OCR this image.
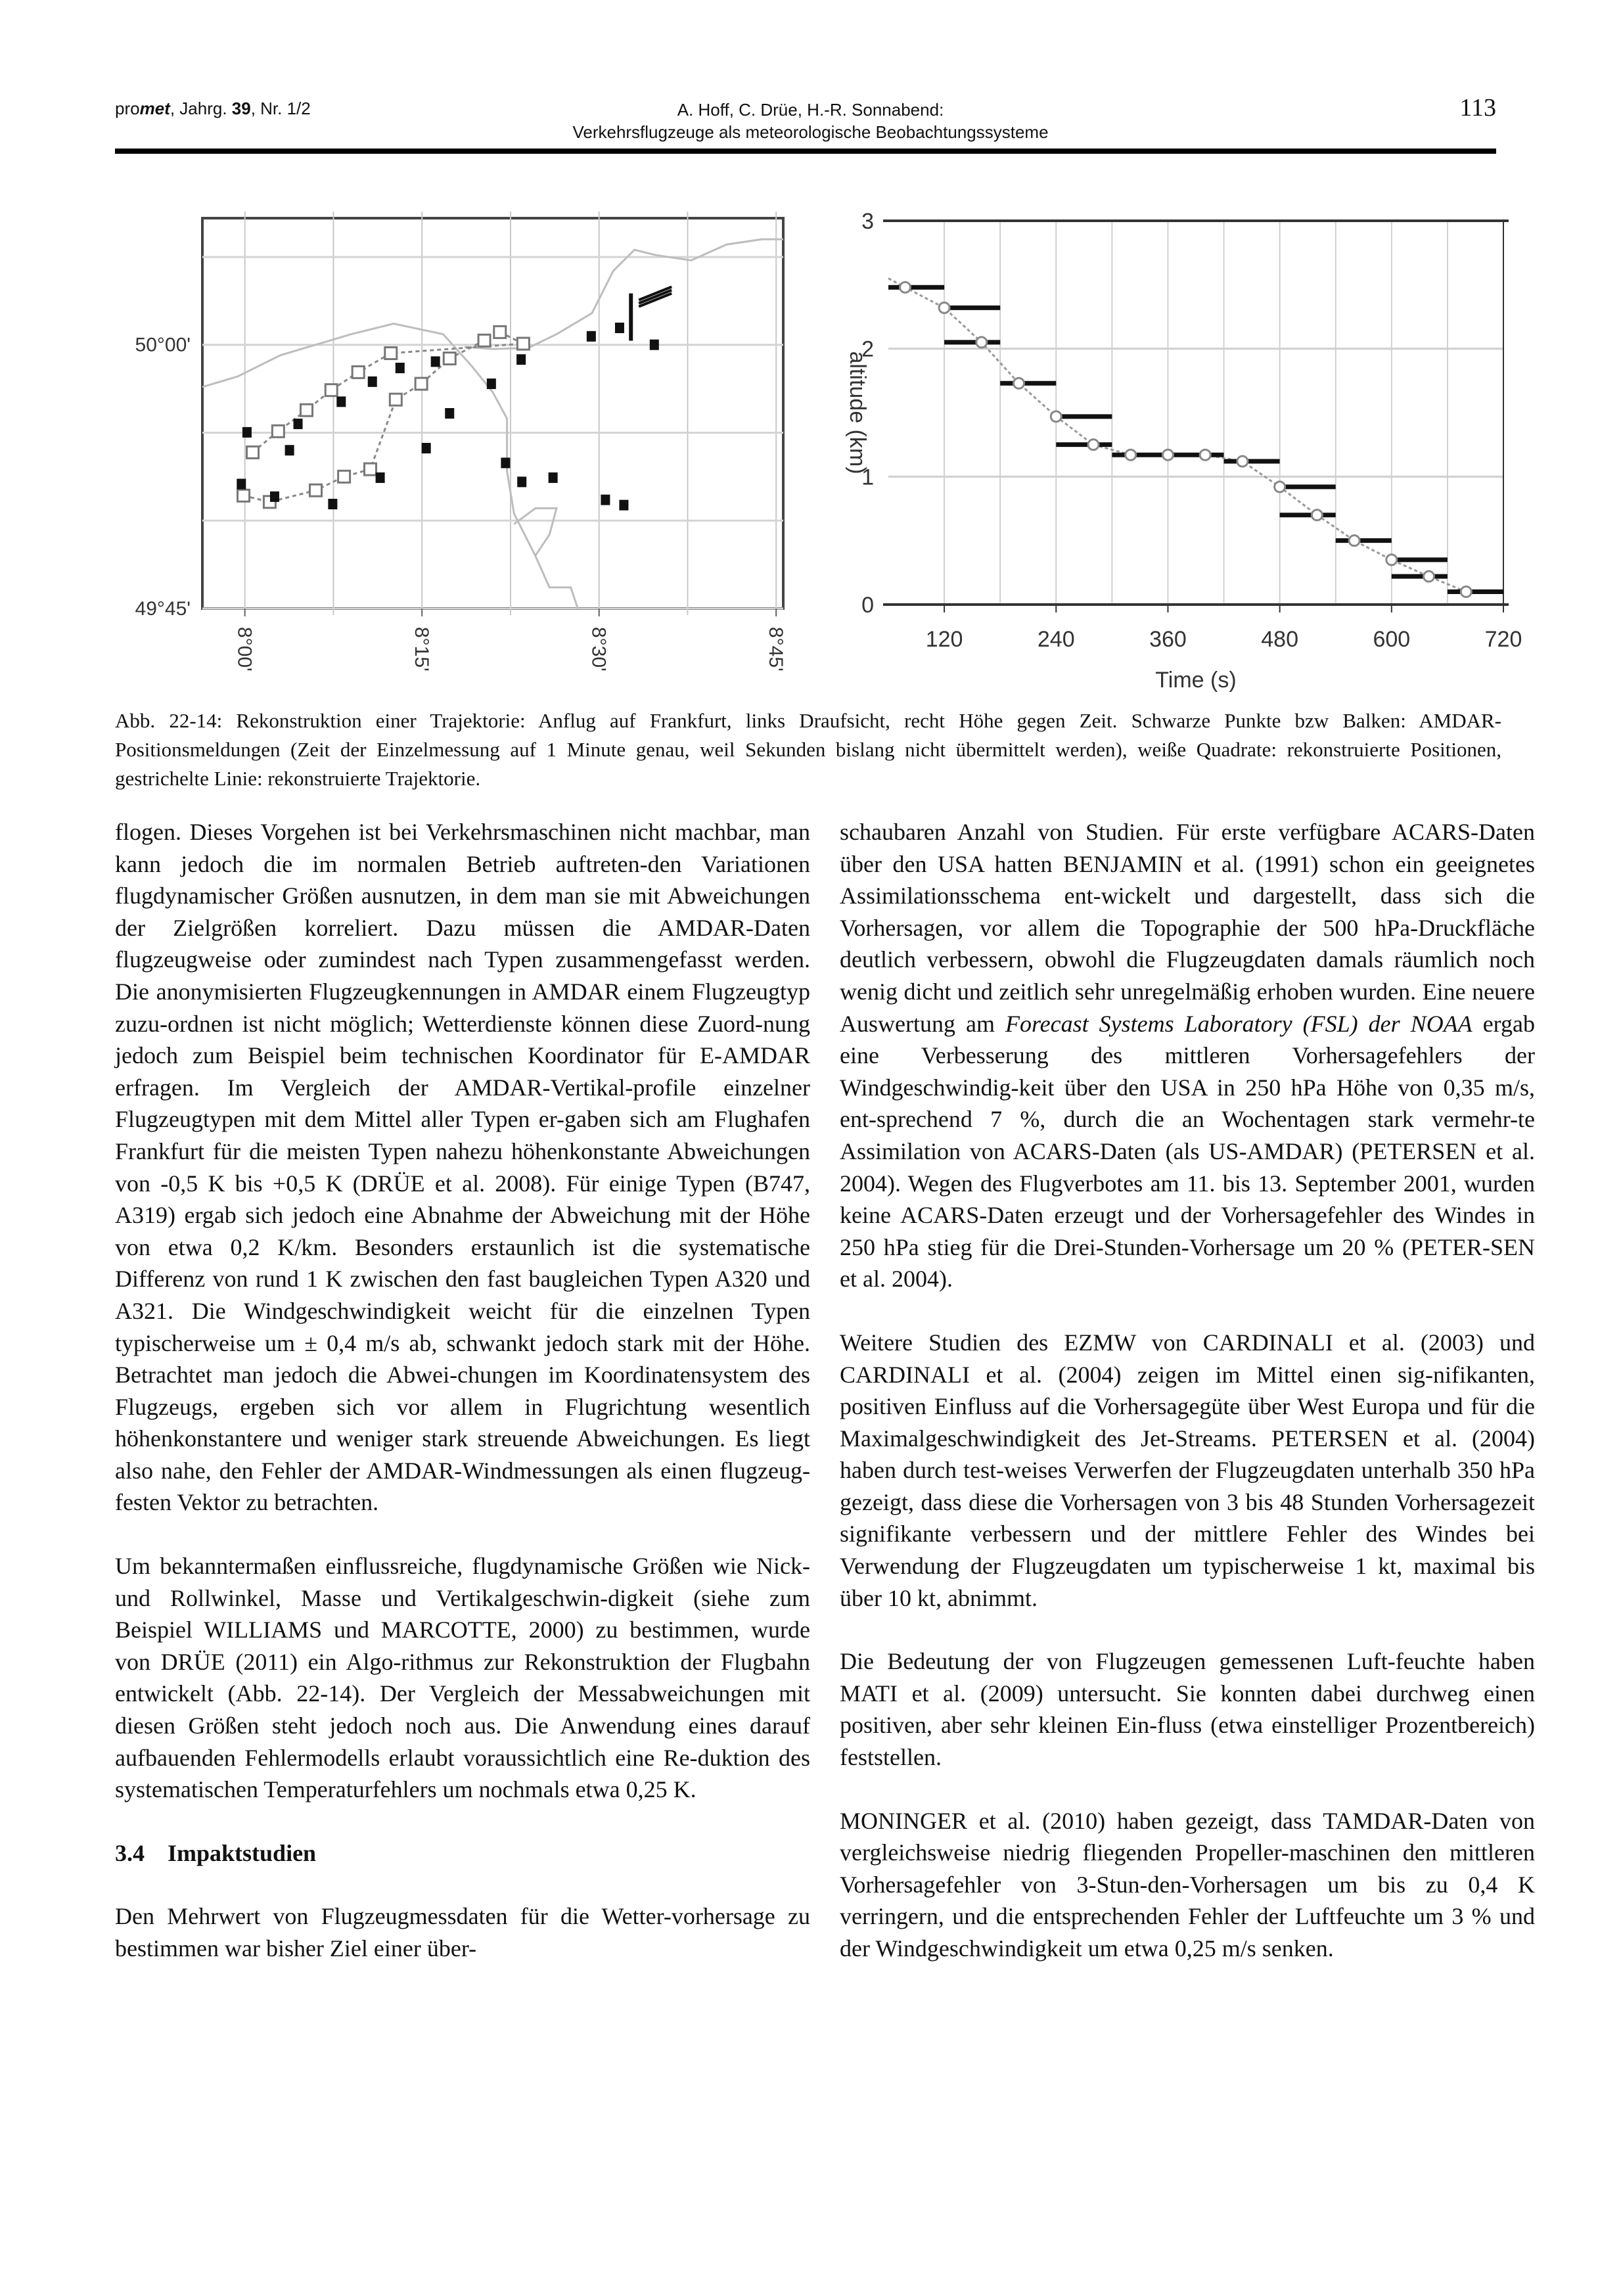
promet, Jahrg. 39, Nr. 1/2	A. Hoff, C. Drüe, H.-R. Sonnabend:
Verkehrsflugzeuge als meteorologische Beobachtungssysteme
113
8°00'	8°15'	8°30'	8°45'
49°45'
50°00'
120	240	360	480	600	720
0
1
2
3
Time (s)
altitude (km)
Abb. 22-14: Rekonstruktion einer Trajektorie: Anflug auf Frankfurt, links Draufsicht, recht Höhe gegen Zeit. Schwarze Punkte bzw Balken: AMDAR-Positionsmeldungen (Zeit der Einzelmessung auf 1 Minute genau, weil Sekunden bislang nicht übermittelt werden), weiße Quadrate: rekonstruierte Positionen, gestrichelte Linie: rekonstruierte Trajektorie.

flogen. Dieses Vorgehen ist bei Verkehrsmaschinen nicht machbar, man kann jedoch die im normalen Betrieb auftreten-den Variationen flugdynamischer Größen ausnutzen, in dem man sie mit Abweichungen der Zielgrößen korreliert. Dazu müssen die AMDAR-Daten flugzeugweise oder zumindest nach Typen zusammengefasst werden. Die anonymisierten Flugzeugkennungen in AMDAR einem Flugzeugtyp zuzu-ordnen ist nicht möglich; Wetterdienste können diese Zuord-nung jedoch zum Beispiel beim technischen Koordinator für E-AMDAR erfragen. Im Vergleich der AMDAR-Vertikal-profile einzelner Flugzeugtypen mit dem Mittel aller Typen er-gaben sich am Flughafen Frankfurt für die meisten Typen nahezu höhenkonstante Abweichungen von -0,5 K bis +0,5 K (DRÜE et al. 2008). Für einige Typen (B747, A319) ergab sich jedoch eine Abnahme der Abweichung mit der Höhe von etwa 0,2 K/km. Besonders erstaunlich ist die systematische Differenz von rund 1 K zwischen den fast baugleichen Typen A320 und A321. Die Windgeschwindigkeit weicht für die einzelnen Typen typischerweise um ± 0,4 m/s ab, schwankt jedoch stark mit der Höhe. Betrachtet man jedoch die Abwei-chungen im Koordinatensystem des Flugzeugs, ergeben sich vor allem in Flugrichtung wesentlich höhenkonstantere und weniger stark streuende Abweichungen. Es liegt also nahe, den Fehler der AMDAR-Windmessungen als einen flugzeug-festen Vektor zu betrachten.

Um bekanntermaßen einflussreiche, flugdynamische Größen wie Nick- und Rollwinkel, Masse und Vertikalgeschwin-digkeit (siehe zum Beispiel WILLIAMS und MARCOTTE, 2000) zu bestimmen, wurde von DRÜE (2011) ein Algo-rithmus zur Rekonstruktion der Flugbahn entwickelt (Abb. 22-14). Der Vergleich der Messabweichungen mit diesen Größen steht jedoch noch aus. Die Anwendung eines darauf aufbauenden Fehlermodells erlaubt voraussichtlich eine Re-duktion des systematischen Temperaturfehlers um nochmals etwa 0,25 K.

3.4 Impaktstudien

Den Mehrwert von Flugzeugmessdaten für die Wetter-vorhersage zu bestimmen war bisher Ziel einer über-

schaubaren Anzahl von Studien. Für erste verfügbare ACARS-Daten über den USA hatten BENJAMIN et al. (1991) schon ein geeignetes Assimilationsschema ent-wickelt und dargestellt, dass sich die Vorhersagen, vor allem die Topographie der 500 hPa-Druckfläche deutlich verbessern, obwohl die Flugzeugdaten damals räumlich noch wenig dicht und zeitlich sehr unregelmäßig erhoben wurden. Eine neuere Auswertung am Forecast Systems Laboratory (FSL) der NOAA ergab eine Verbesserung des mittleren Vorhersagefehlers der Windgeschwindig-keit über den USA in 250 hPa Höhe von 0,35 m/s, ent-sprechend 7 %, durch die an Wochentagen stark vermehr-te Assimilation von ACARS-Daten (als US-AMDAR) (PETERSEN et al. 2004). Wegen des Flugverbotes am 11. bis 13. September 2001, wurden keine ACARS-Daten erzeugt und der Vorhersagefehler des Windes in 250 hPa stieg für die Drei-Stunden-Vorhersage um 20 % (PETER-SEN et al. 2004).

Weitere Studien des EZMW von CARDINALI et al. (2003) und CARDINALI et al. (2004) zeigen im Mittel einen sig-nifikanten, positiven Einfluss auf die Vorhersagegüte über West Europa und für die Maximalgeschwindigkeit des Jet-Streams. PETERSEN et al. (2004) haben durch test-weises Verwerfen der Flugzeugdaten unterhalb 350 hPa gezeigt, dass diese die Vorhersagen von 3 bis 48 Stunden Vorhersagezeit signifikante verbessern und der mittlere Fehler des Windes bei Verwendung der Flugzeugdaten um typischerweise 1 kt, maximal bis über 10 kt, abnimmt.

Die Bedeutung der von Flugzeugen gemessenen Luft-feuchte haben MATI et al. (2009) untersucht. Sie konnten dabei durchweg einen positiven, aber sehr kleinen Ein-fluss (etwa einstelliger Prozentbereich) feststellen.

MONINGER et al. (2010) haben gezeigt, dass TAMDAR-Daten von vergleichsweise niedrig fliegenden Propeller-maschinen den mittleren Vorhersagefehler von 3-Stun-den-Vorhersagen um bis zu 0,4 K verringern, und die entsprechenden Fehler der Luftfeuchte um 3 % und der Windgeschwindigkeit um etwa 0,25 m/s senken.
